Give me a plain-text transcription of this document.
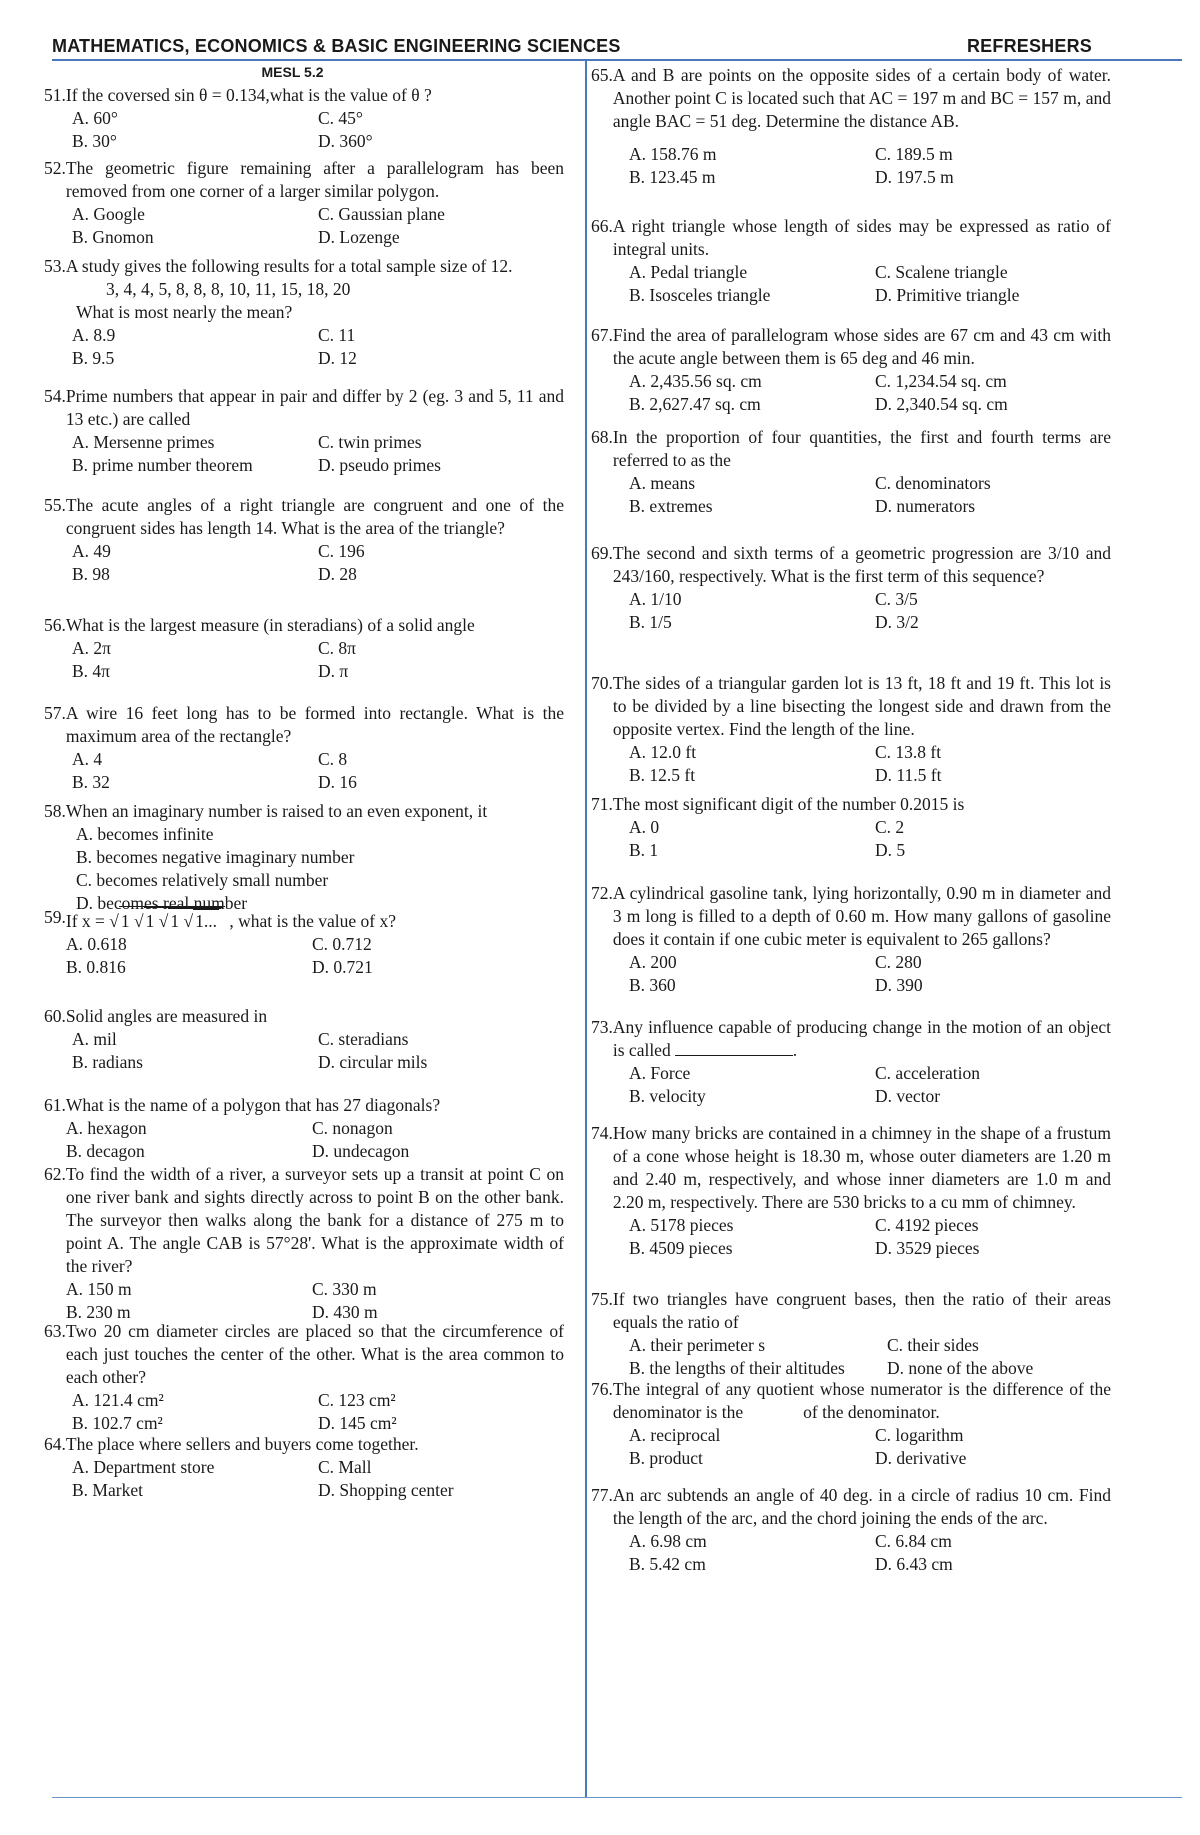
MATHEMATICS, ECONOMICS & BASIC ENGINEERING SCIENCES	REFRESHERS
MESL 5.2
51. If the coversed sin θ = 0.134,what is the value of θ ?
A. 60°	C. 45°
B. 30°	D. 360°
52. The geometric figure remaining after a parallelogram has been removed from one corner of a larger similar polygon.
A. Google	C. Gaussian plane
B. Gnomon	D. Lozenge
53. A study gives the following results for a total sample size of 12.
3, 4, 4, 5, 8, 8, 8, 10, 11, 15, 18, 20
What is most nearly the mean?
A. 8.9	C. 11
B. 9.5	D. 12
54. Prime numbers that appear in pair and differ by 2 (eg. 3 and 5, 11 and 13 etc.) are called
A. Mersenne primes	C. twin primes
B. prime number theorem	D. pseudo primes
55. The acute angles of a right triangle are congruent and one of the congruent sides has length 14. What is the area of the triangle?
A. 49	C. 196
B. 98	D. 28
56. What is the largest measure (in steradians) of a solid angle
A. 2π	C. 8π
B. 4π	D. π
57. A wire 16 feet long has to be formed into rectangle. What is the maximum area of the rectangle?
A. 4	C. 8
B. 32	D. 16
58. When an imaginary number is raised to an even exponent, it
A. becomes infinite
B. becomes negative imaginary number
C. becomes relatively small number
D. becomes real number
59. If x = √ 1 √ 1 √ 1 √ 1... , what is the value of x?
A. 0.618	C. 0.712
B. 0.816	D. 0.721
60. Solid angles are measured in
A. mil	C. steradians
B. radians	D. circular mils
61. What is the name of a polygon that has 27 diagonals?
A. hexagon	C. nonagon
B. decagon	D. undecagon
62. To find the width of a river, a surveyor sets up a transit at point C on one river bank and sights directly across to point B on the other bank. The surveyor then walks along the bank for a distance of 275 m to point A. The angle CAB is 57°28'. What is the approximate width of the river?
A. 150 m	C. 330 m
B. 230 m	D. 430 m
63. Two 20 cm diameter circles are placed so that the circumference of each just touches the center of the other. What is the area common to each other?
A. 121.4 cm²	C. 123 cm²
B. 102.7 cm²	D. 145 cm²
64. The place where sellers and buyers come together.
A. Department store	C. Mall
B. Market	D. Shopping center
65. A and B are points on the opposite sides of a certain body of water. Another point C is located such that AC = 197 m and BC = 157 m, and angle BAC = 51 deg. Determine the distance AB.
A. 158.76 m	C. 189.5 m
B. 123.45 m	D. 197.5 m
66. A right triangle whose length of sides may be expressed as ratio of integral units.
A. Pedal triangle	C. Scalene triangle
B. Isosceles triangle	D. Primitive triangle
67. Find the area of parallelogram whose sides are 67 cm and 43 cm with the acute angle between them is 65 deg and 46 min.
A. 2,435.56 sq. cm	C. 1,234.54 sq. cm
B. 2,627.47 sq. cm	D. 2,340.54 sq. cm
68. In the proportion of four quantities, the first and fourth terms are referred to as the
A. means	C. denominators
B. extremes	D. numerators
69. The second and sixth terms of a geometric progression are 3/10 and 243/160, respectively. What is the first term of this sequence?
A. 1/10	C. 3/5
B. 1/5	D. 3/2
70. The sides of a triangular garden lot is 13 ft, 18 ft and 19 ft. This lot is to be divided by a line bisecting the longest side and drawn from the opposite vertex. Find the length of the line.
A. 12.0 ft	C. 13.8 ft
B. 12.5 ft	D. 11.5 ft
71. The most significant digit of the number 0.2015 is
A. 0	C. 2
B. 1	D. 5
72. A cylindrical gasoline tank, lying horizontally, 0.90 m in diameter and 3 m long is filled to a depth of 0.60 m. How many gallons of gasoline does it contain if one cubic meter is equivalent to 265 gallons?
A. 200	C. 280
B. 360	D. 390
73. Any influence capable of producing change in the motion of an object is called	.
A. Force	C. acceleration
B. velocity	D. vector
74. How many bricks are contained in a chimney in the shape of a frustum of a cone whose height is 18.30 m, whose outer diameters are 1.20 m and 2.40 m, respectively, and whose inner diameters are 1.0 m and 2.20 m, respectively. There are 530 bricks to a cu mm of chimney.
A. 5178 pieces	C. 4192 pieces
B. 4509 pieces	D. 3529 pieces
75. If two triangles have congruent bases, then the ratio of their areas equals the ratio of
A. their perimeter s	C. their sides
B. the lengths of their altitudes	D. none of the above
76. The integral of any quotient whose numerator is the difference of the denominator is the	of the denominator.
A. reciprocal	C. logarithm
B. product	D. derivative
77. An arc subtends an angle of 40 deg. in a circle of radius 10 cm. Find the length of the arc, and the chord joining the ends of the arc.
A. 6.98 cm	C. 6.84 cm
B. 5.42 cm	D. 6.43 cm
